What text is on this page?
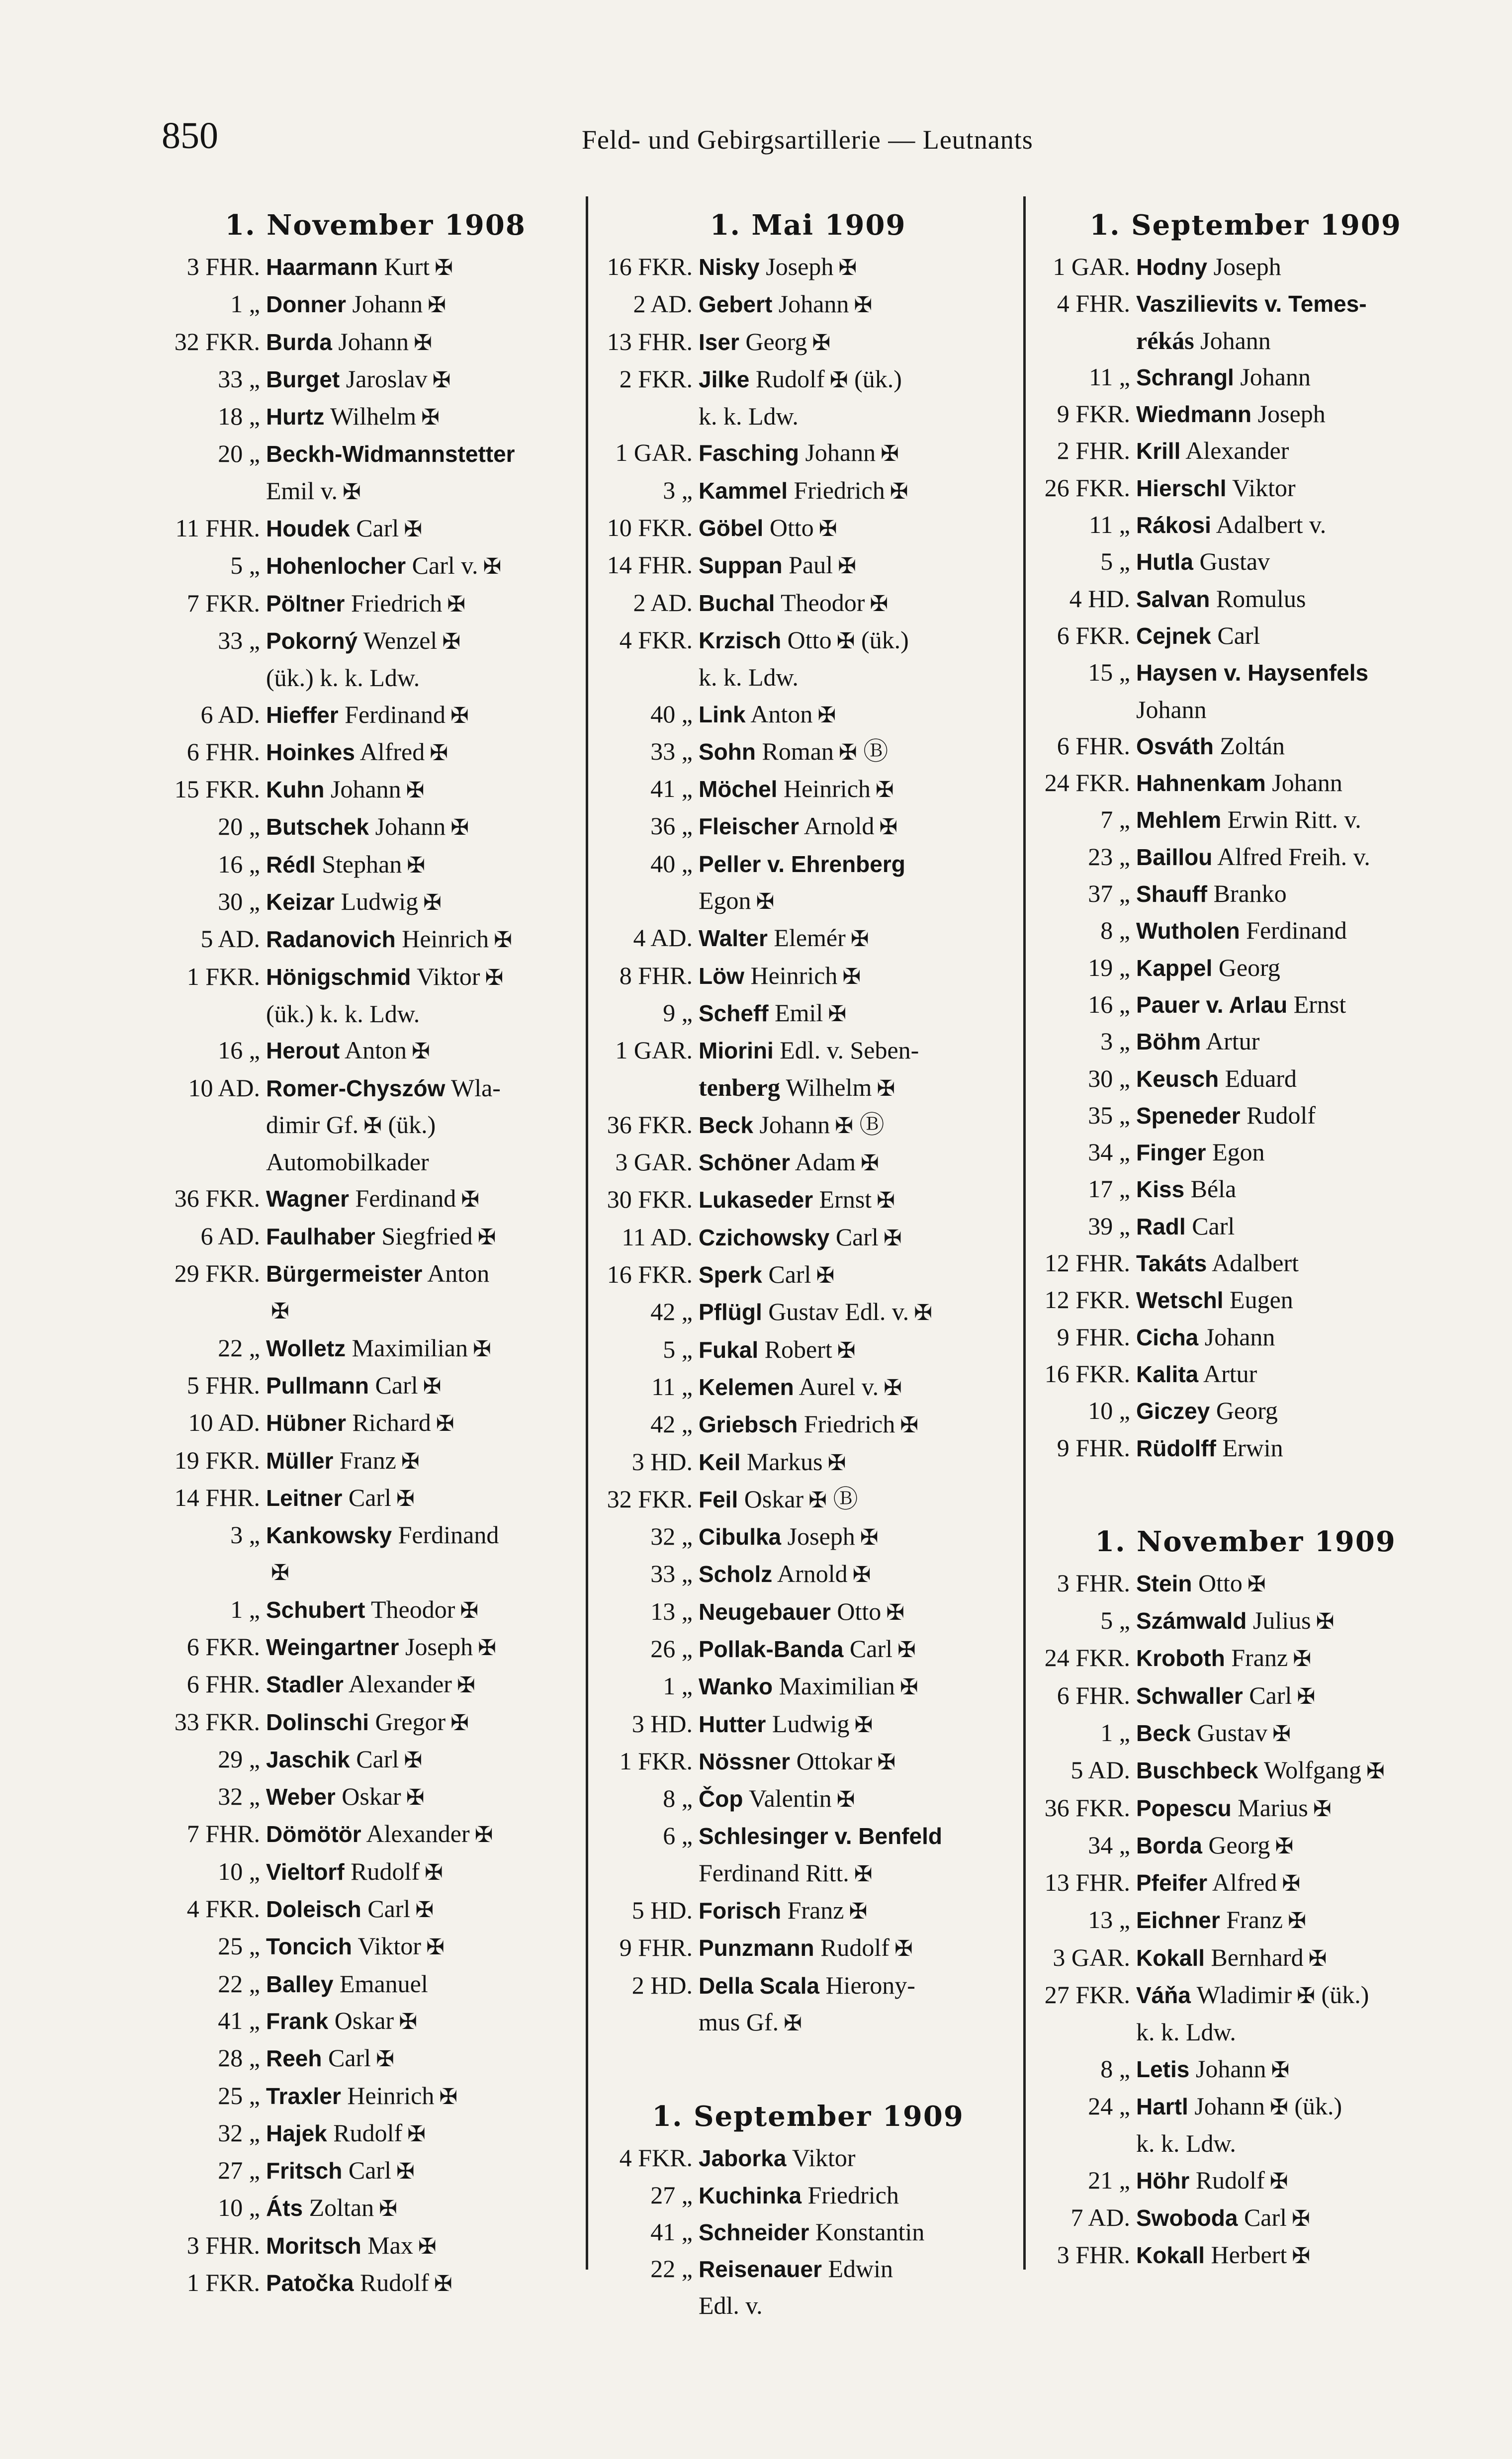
850	Feld- und Gebirgsartillerie — Leutnants
1. November 1908
3 FHR. Haarmann Kurt ✠
1 „ Donner Johann ✠
32 FKR. Burda Johann ✠
33 „ Burget Jaroslav ✠
18 „ Hurtz Wilhelm ✠
20 „ Beckh-Widmannstetter
Emil v. ✠
11 FHR. Houdek Carl ✠
5 „ Hohenlocher Carl v. ✠
7 FKR. Pöltner Friedrich ✠
33 „ Pokorný Wenzel ✠
(ük.) k. k. Ldw.
6 AD. Hieffer Ferdinand ✠
6 FHR. Hoinkes Alfred ✠
15 FKR. Kuhn Johann ✠
20 „ Butschek Johann ✠
16 „ Rédl Stephan ✠
30 „ Keizar Ludwig ✠
5 AD. Radanovich Heinrich ✠
1 FKR. Hönigschmid Viktor ✠
(ük.) k. k. Ldw.
16 „ Herout Anton ✠
10 AD. Romer-Chyszów Wla-
dimir Gf. ✠ (ük.)
Automobilkader
36 FKR. Wagner Ferdinand ✠
6 AD. Faulhaber Siegfried ✠
29 FKR. Bürgermeister Anton
✠
22 „ Wolletz Maximilian ✠
5 FHR. Pullmann Carl ✠
10 AD. Hübner Richard ✠
19 FKR. Müller Franz ✠
14 FHR. Leitner Carl ✠
3 „ Kankowsky Ferdinand
✠
1 „ Schubert Theodor ✠
6 FKR. Weingartner Joseph ✠
6 FHR. Stadler Alexander ✠
33 FKR. Dolinschi Gregor ✠
29 „ Jaschik Carl ✠
32 „ Weber Oskar ✠
7 FHR. Dömötör Alexander ✠
10 „ Vieltorf Rudolf ✠
4 FKR. Doleisch Carl ✠
25 „ Toncich Viktor ✠
22 „ Balley Emanuel
41 „ Frank Oskar ✠
28 „ Reeh Carl ✠
25 „ Traxler Heinrich ✠
32 „ Hajek Rudolf ✠
27 „ Fritsch Carl ✠
10 „ Áts Zoltan ✠
3 FHR. Moritsch Max ✠
1 FKR. Patočka Rudolf ✠
1. Mai 1909
16 FKR. Nisky Joseph ✠
2 AD. Gebert Johann ✠
13 FHR. Iser Georg ✠
2 FKR. Jilke Rudolf ✠ (ük.)
k. k. Ldw.
1 GAR. Fasching Johann ✠
3 „ Kammel Friedrich ✠
10 FKR. Göbel Otto ✠
14 FHR. Suppan Paul ✠
2 AD. Buchal Theodor ✠
4 FKR. Krzisch Otto ✠ (ük.)
k. k. Ldw.
40 „ Link Anton ✠
33 „ Sohn Roman ✠ Ⓑ
41 „ Möchel Heinrich ✠
36 „ Fleischer Arnold ✠
40 „ Peller v. Ehrenberg
Egon ✠
4 AD. Walter Elemér ✠
8 FHR. Löw Heinrich ✠
9 „ Scheff Emil ✠
1 GAR. Miorini Edl. v. Seben-
tenberg Wilhelm ✠
36 FKR. Beck Johann ✠ Ⓑ
3 GAR. Schöner Adam ✠
30 FKR. Lukaseder Ernst ✠
11 AD. Czichowsky Carl ✠
16 FKR. Sperk Carl ✠
42 „ Pflügl Gustav Edl. v. ✠
5 „ Fukal Robert ✠
11 „ Kelemen Aurel v. ✠
42 „ Griebsch Friedrich ✠
3 HD. Keil Markus ✠
32 FKR. Feil Oskar ✠ Ⓑ
32 „ Cibulka Joseph ✠
33 „ Scholz Arnold ✠
13 „ Neugebauer Otto ✠
26 „ Pollak-Banda Carl ✠
1 „ Wanko Maximilian ✠
3 HD. Hutter Ludwig ✠
1 FKR. Nössner Ottokar ✠
8 „ Čop Valentin ✠
6 „ Schlesinger v. Benfeld
Ferdinand Ritt. ✠
5 HD. Forisch Franz ✠
9 FHR. Punzmann Rudolf ✠
2 HD. Della Scala Hierony-
mus Gf. ✠
1. September 1909
4 FKR. Jaborka Viktor
27 „ Kuchinka Friedrich
41 „ Schneider Konstantin
22 „ Reisenauer Edwin
Edl. v.
1. September 1909
1 GAR. Hodny Joseph
4 FHR. Vaszilievits v. Temes-
rékás Johann
11 „ Schrangl Johann
9 FKR. Wiedmann Joseph
2 FHR. Krill Alexander
26 FKR. Hierschl Viktor
11 „ Rákosi Adalbert v.
5 „ Hutla Gustav
4 HD. Salvan Romulus
6 FKR. Cejnek Carl
15 „ Haysen v. Haysenfels
Johann
6 FHR. Osváth Zoltán
24 FKR. Hahnenkam Johann
7 „ Mehlem Erwin Ritt. v.
23 „ Baillou Alfred Freih. v.
37 „ Shauff Branko
8 „ Wutholen Ferdinand
19 „ Kappel Georg
16 „ Pauer v. Arlau Ernst
3 „ Böhm Artur
30 „ Keusch Eduard
35 „ Speneder Rudolf
34 „ Finger Egon
17 „ Kiss Béla
39 „ Radl Carl
12 FHR. Takáts Adalbert
12 FKR. Wetschl Eugen
9 FHR. Cicha Johann
16 FKR. Kalita Artur
10 „ Giczey Georg
9 FHR. Rüdolff Erwin
1. November 1909
3 FHR. Stein Otto ✠
5 „ Számwald Julius ✠
24 FKR. Kroboth Franz ✠
6 FHR. Schwaller Carl ✠
1 „ Beck Gustav ✠
5 AD. Buschbeck Wolfgang ✠
36 FKR. Popescu Marius ✠
34 „ Borda Georg ✠
13 FHR. Pfeifer Alfred ✠
13 „ Eichner Franz ✠
3 GAR. Kokall Bernhard ✠
27 FKR. Váňa Wladimir ✠ (ük.)
k. k. Ldw.
8 „ Letis Johann ✠
24 „ Hartl Johann ✠ (ük.)
k. k. Ldw.
21 „ Höhr Rudolf ✠
7 AD. Swoboda Carl ✠
3 FHR. Kokall Herbert ✠
